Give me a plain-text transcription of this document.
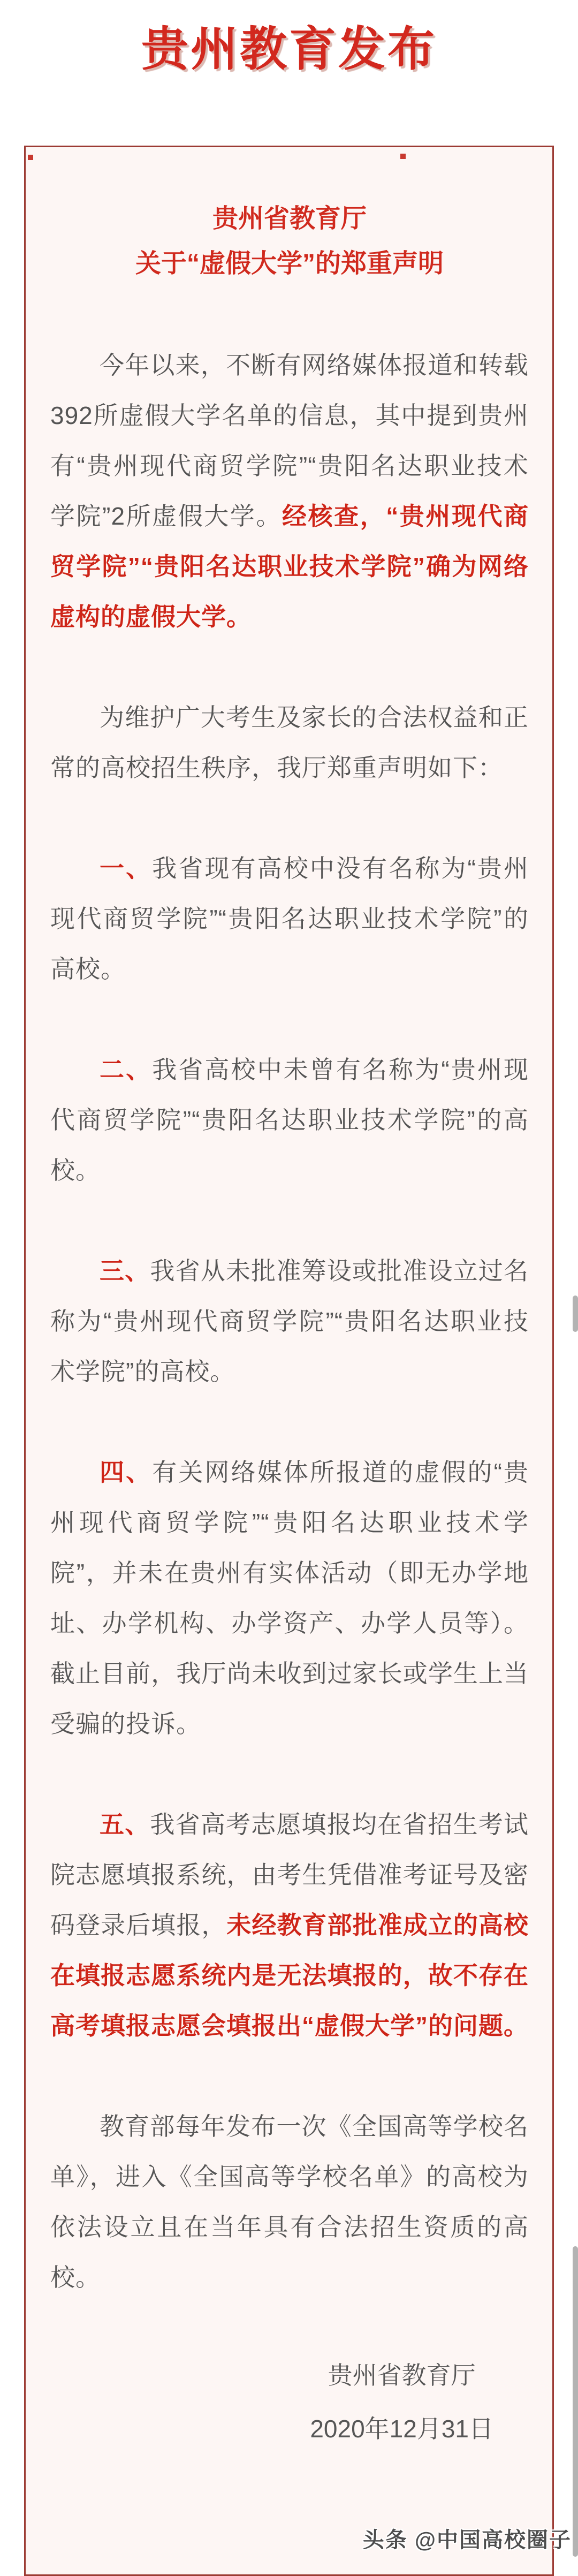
贵州教育发布
贵州省教育厅
关于“虚假大学”的郑重声明

今年以来，不断有网络媒体报道和转载392所虚假大学名单的信息，其中提到贵州有“贵州现代商贸学院”“贵阳名达职业技术学院”2所虚假大学。经核查，“贵州现代商贸学院”“贵阳名达职业技术学院”确为网络虚构的虚假大学。

为维护广大考生及家长的合法权益和正常的高校招生秩序，我厅郑重声明如下：

一、我省现有高校中没有名称为“贵州现代商贸学院”“贵阳名达职业技术学院”的高校。

二、我省高校中未曾有名称为“贵州现代商贸学院”“贵阳名达职业技术学院”的高校。

三、我省从未批准筹设或批准设立过名称为“贵州现代商贸学院”“贵阳名达职业技术学院”的高校。

四、有关网络媒体所报道的虚假的“贵州现代商贸学院”“贵阳名达职业技术学院”，并未在贵州有实体活动（即无办学地址、办学机构、办学资产、办学人员等）。截止目前，我厅尚未收到过家长或学生上当受骗的投诉。

五、我省高考志愿填报均在省招生考试院志愿填报系统，由考生凭借准考证号及密码登录后填报，未经教育部批准成立的高校在填报志愿系统内是无法填报的，故不存在高考填报志愿会填报出“虚假大学”的问题。

教育部每年发布一次《全国高等学校名单》，进入《全国高等学校名单》的高校为依法设立且在当年具有合法招生资质的高校。

贵州省教育厅
2020年12月31日
头条 @中国高校圈子
